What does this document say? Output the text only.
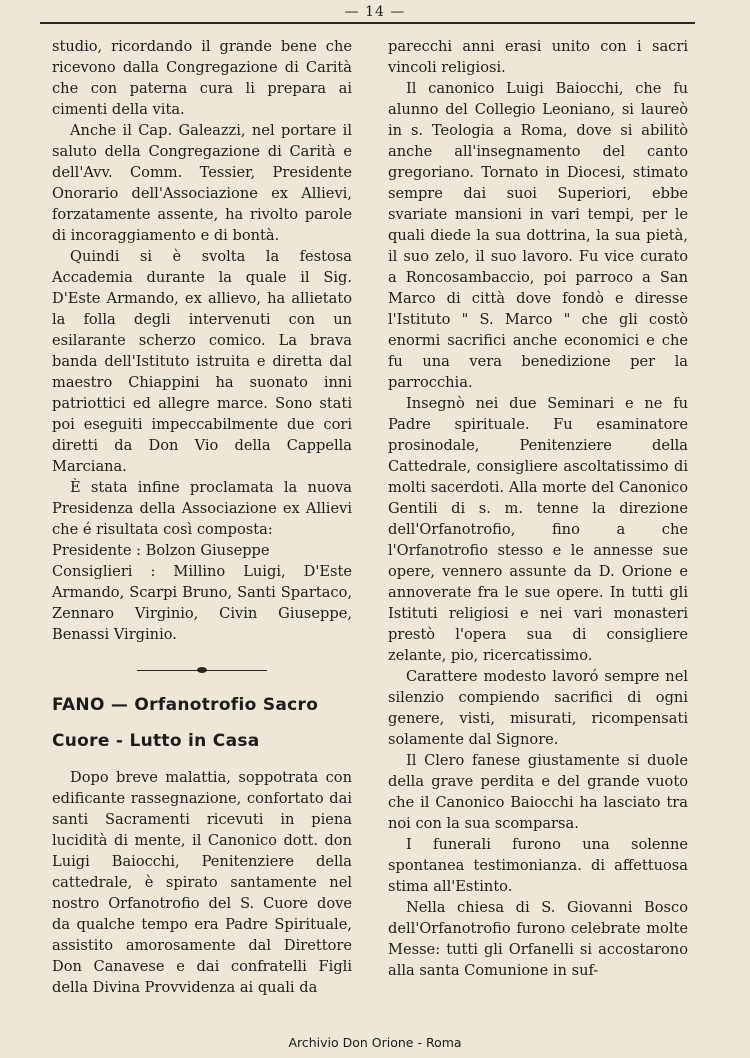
— 14 —

studio, ricordando il grande bene che ricevono dalla Congregazione di Carità che con paterna cura li prepara ai cimenti della vita.

Anche il Cap. Galeazzi, nel portare il saluto della Congregazione di Carità e dell'Avv. Comm. Tessier, Presidente Onorario dell'Associazione ex Allievi, forzatamente assente, ha rivolto parole di incoraggiamento e di bontà.

Quindi si è svolta la festosa Accademia durante la quale il Sig. D'Este Armando, ex allievo, ha allietato la folla degli intervenuti con un esilarante scherzo comico. La brava banda dell'Istituto istruita e diretta dal maestro Chiappini ha suonato inni patriottici ed allegre marce. Sono stati poi eseguiti impeccabilmente due cori diretti da Don Vio della Cappella Marciana.

È stata infine proclamata la nuova Presidenza della Associazione ex Allievi che é risultata così composta:

Presidente : Bolzon Giuseppe

Consiglieri : Millino Luigi, D'Este Armando, Scarpi Bruno, Santi Spartaco, Zennaro Virginio, Civin Giuseppe, Benassi Virginio.

FANO — Orfanotrofio Sacro
Cuore - Lutto in Casa

Dopo breve malattia, soppotrata con edificante rassegnazione, confortato dai santi Sacramenti ricevuti in piena lucidità di mente, il Canonico dott. don Luigi Baiocchi, Penitenziere della cattedrale, è spirato santamente nel nostro Orfanotrofio del S. Cuore dove da qualche tempo era Padre Spirituale, assistito amorosamente dal Direttore Don Canavese e dai confratelli Figli della Divina Provvidenza ai quali da

parecchi anni erasi unito con i sacri vincoli religiosi.

Il canonico Luigi Baiocchi, che fu alunno del Collegio Leoniano, si laureò in s. Teologia a Roma, dove si abilitò anche all'insegnamento del canto gregoriano. Tornato in Diocesi, stimato sempre dai suoi Superiori, ebbe svariate mansioni in vari tempi, per le quali diede la sua dottrina, la sua pietà, il suo zelo, il suo lavoro. Fu vice curato a Roncosambaccio, poi parroco a San Marco di città dove fondò e diresse l'Istituto " S. Marco " che gli costò enormi sacrifici anche economici e che fu una vera benedizione per la parrocchia.

Insegnò nei due Seminari e ne fu Padre spirituale. Fu esaminatore prosinodale, Penitenziere della Cattedrale, consigliere ascoltatissimo di molti sacerdoti. Alla morte del Canonico Gentili di s. m. tenne la direzione dell'Orfanotrofio, fino a che l'Orfanotrofio stesso e le annesse sue opere, vennero assunte da D. Orione e annoverate fra le sue opere. In tutti gli Istituti religiosi e nei vari monasteri prestò l'opera sua di consigliere zelante, pio, ricercatissimo.

Carattere modesto lavoró sempre nel silenzio compiendo sacrifici di ogni genere, visti, misurati, ricompensati solamente dal Signore.

Il Clero fanese giustamente si duole della grave perdita e del grande vuoto che il Canonico Baiocchi ha lasciato tra noi con la sua scomparsa.

I funerali furono una solenne spontanea testimonianza. di affettuosa stima all'Estinto.

Nella chiesa di S. Giovanni Bosco dell'Orfanotrofio furono celebrate molte Messe: tutti gli Orfanelli si accostarono alla santa Comunione in suf-

Archivio Don Orione - Roma
